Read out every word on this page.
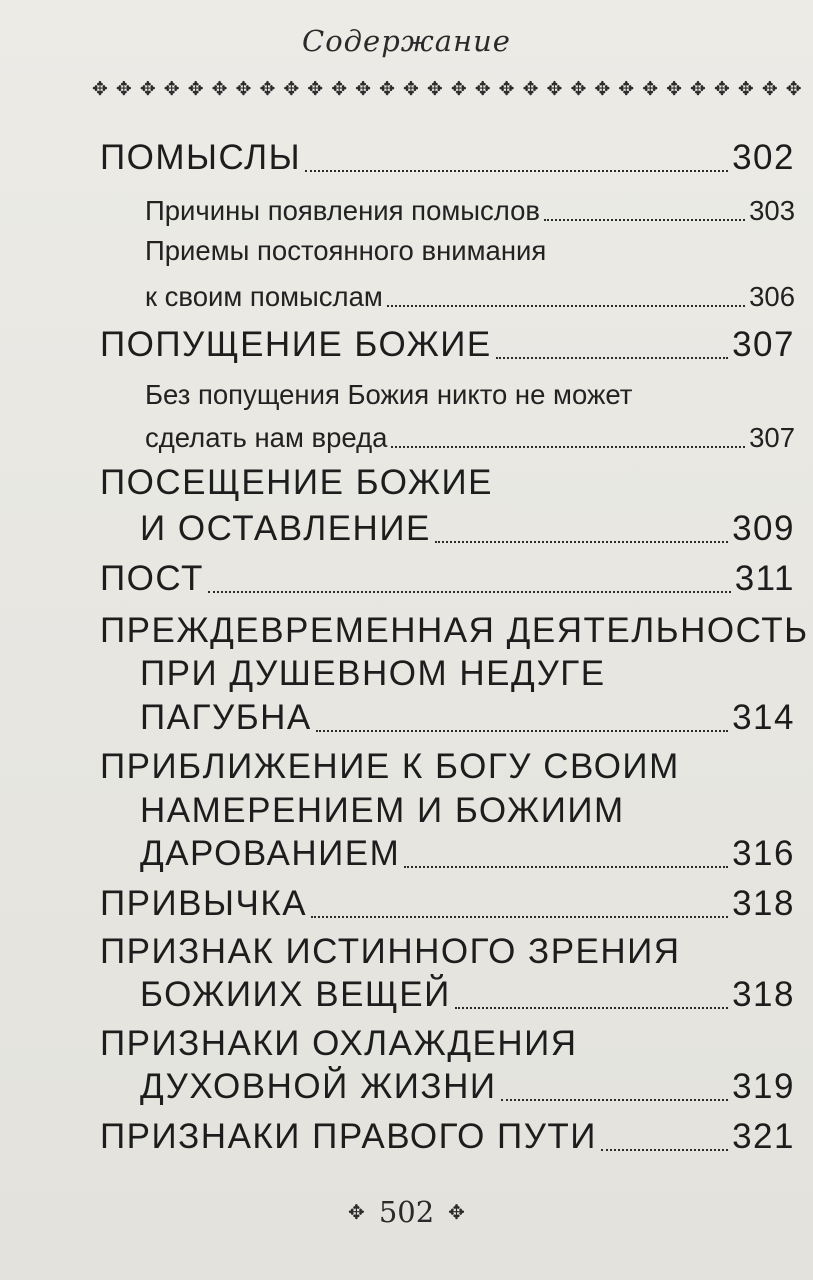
Содержание
✥ ✥ ✥ ✥ ✥ ✥ ✥ ✥ ✥ ✥ ✥ ✥ ✥ ✥ ✥ ✥ ✥ ✥ ✥ ✥ ✥ ✥ ✥ ✥ ✥ ✥ ✥ ✥ ✥ ✥
ПОМЫСЛЫ	302
Причины появления помыслов	303
Приемы постоянного внимания
к своим помыслам	306
ПОПУЩЕНИЕ БОЖИЕ	307
Без попущения Божия никто не может
сделать нам вреда	307
ПОСЕЩЕНИЕ БОЖИЕ
И ОСТАВЛЕНИЕ	309
ПОСТ	311
ПРЕЖДЕВРЕМЕННАЯ ДЕЯТЕЛЬНОСТЬ
ПРИ ДУШЕВНОМ НЕДУГЕ
ПАГУБНА	314
ПРИБЛИЖЕНИЕ К БОГУ СВОИМ
НАМЕРЕНИЕМ И БОЖИИМ
ДАРОВАНИЕМ	316
ПРИВЫЧКА	318
ПРИЗНАК ИСТИННОГО ЗРЕНИЯ
БОЖИИХ ВЕЩЕЙ	318
ПРИЗНАКИ ОХЛАЖДЕНИЯ
ДУХОВНОЙ ЖИЗНИ	319
ПРИЗНАКИ ПРАВОГО ПУТИ	321
✥ 502 ✥
